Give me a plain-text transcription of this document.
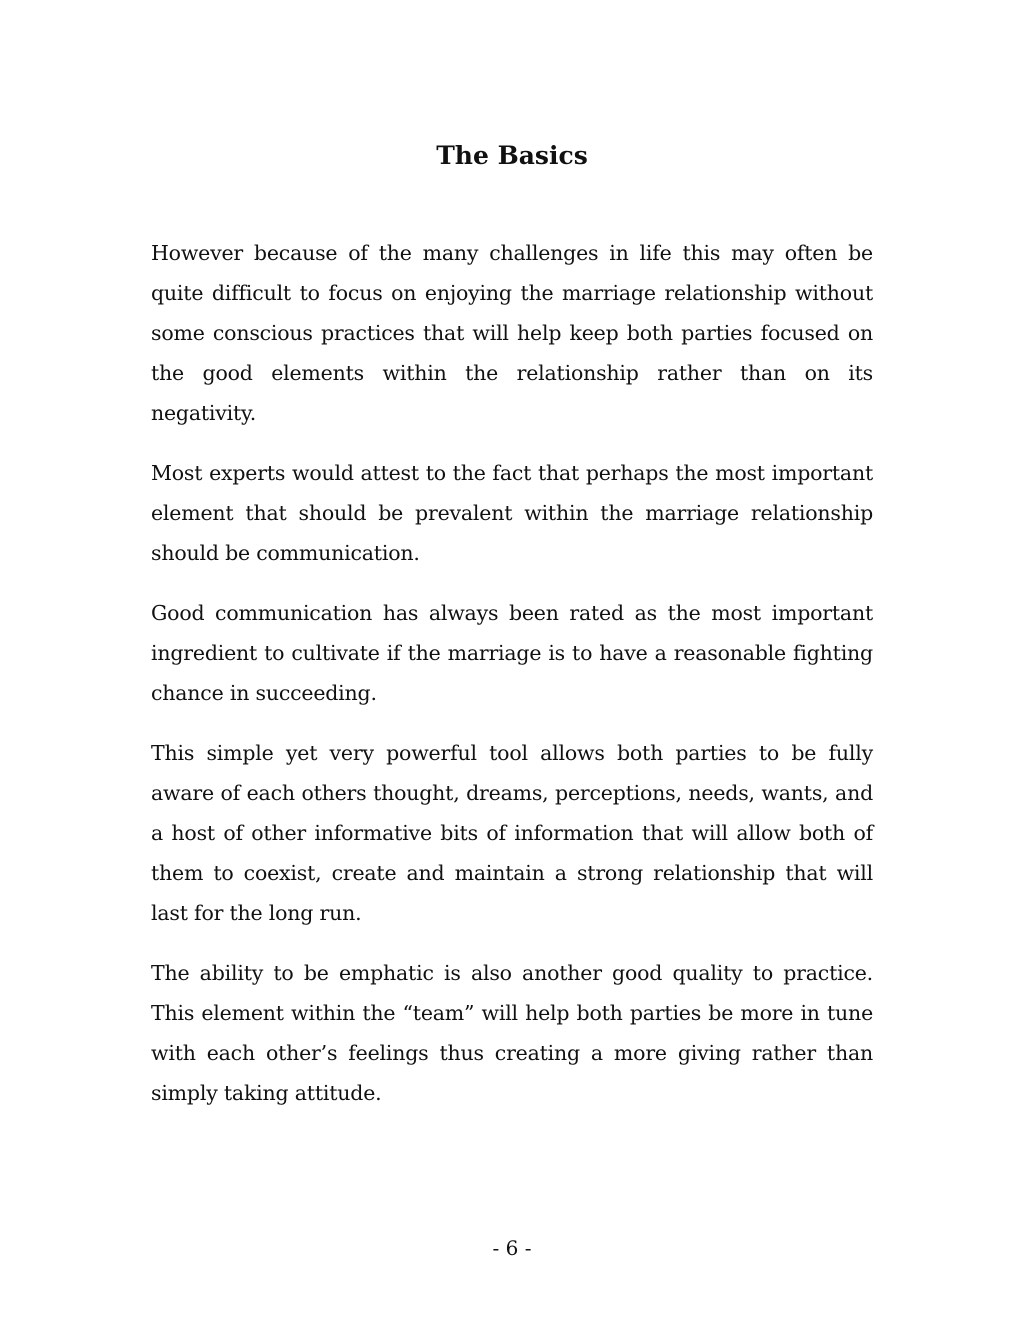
The Basics

However because of the many challenges in life this may often be quite difficult to focus on enjoying the marriage relationship without some conscious practices that will help keep both parties focused on the good elements within the relationship rather than on its negativity.

Most experts would attest to the fact that perhaps the most important element that should be prevalent within the marriage relationship should be communication.

Good communication has always been rated as the most important ingredient to cultivate if the marriage is to have a reasonable fighting chance in succeeding.

This simple yet very powerful tool allows both parties to be fully aware of each others thought, dreams, perceptions, needs, wants, and a host of other informative bits of information that will allow both of them to coexist, create and maintain a strong relationship that will last for the long run.

The ability to be emphatic is also another good quality to practice. This element within the “team” will help both parties be more in tune with each other’s feelings thus creating a more giving rather than simply taking attitude.

- 6 -
